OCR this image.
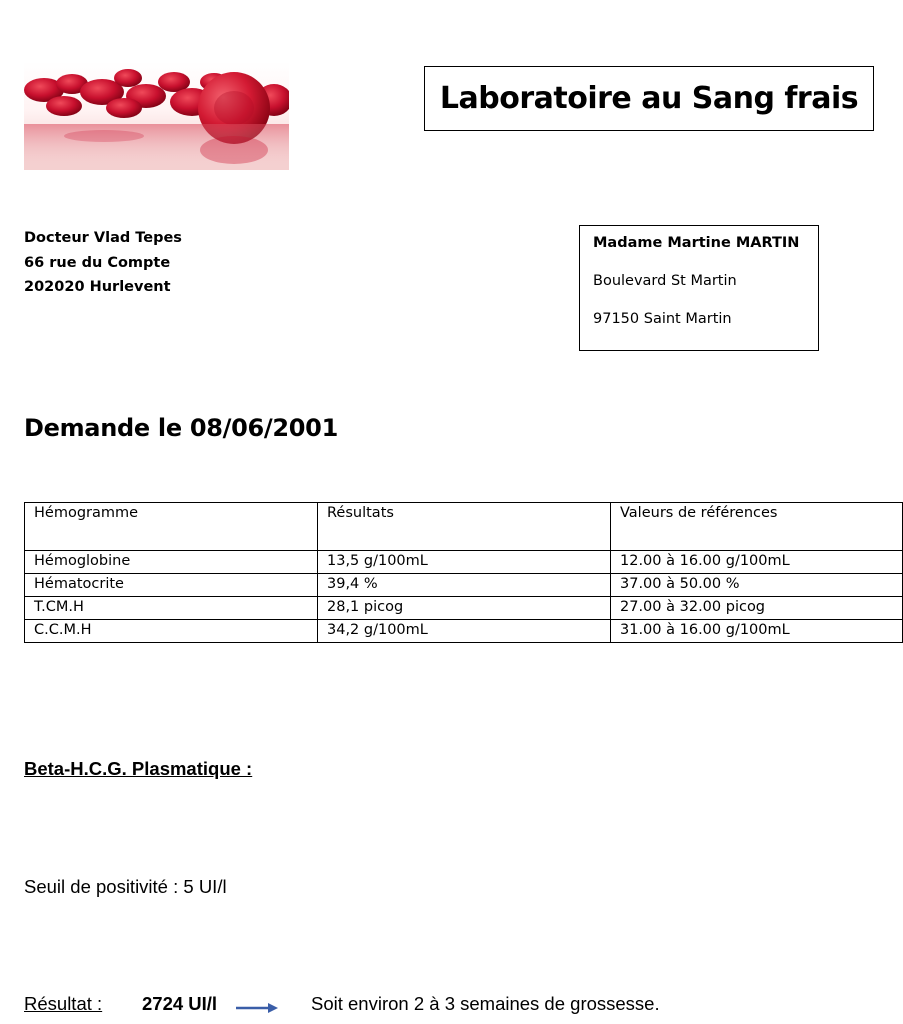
Laboratoire au Sang frais
Docteur Vlad Tepes
66 rue du Compte
202020 Hurlevent
Madame Martine MARTIN
Boulevard St Martin
97150 Saint Martin
Demande le 08/06/2001
Hémogramme	Résultats	Valeurs de références
Hémoglobine	13,5 g/100mL	12.00 à 16.00 g/100mL
Hématocrite	39,4 %	37.00 à 50.00 %
T.CM.H	28,1 picog	27.00 à 32.00 picog
C.C.M.H	34,2 g/100mL	31.00 à 16.00 g/100mL
Beta-H.C.G. Plasmatique :
Seuil de positivité : 5 UI/l
Résultat : 2724 UI/l	Soit environ 2 à 3 semaines de grossesse.
